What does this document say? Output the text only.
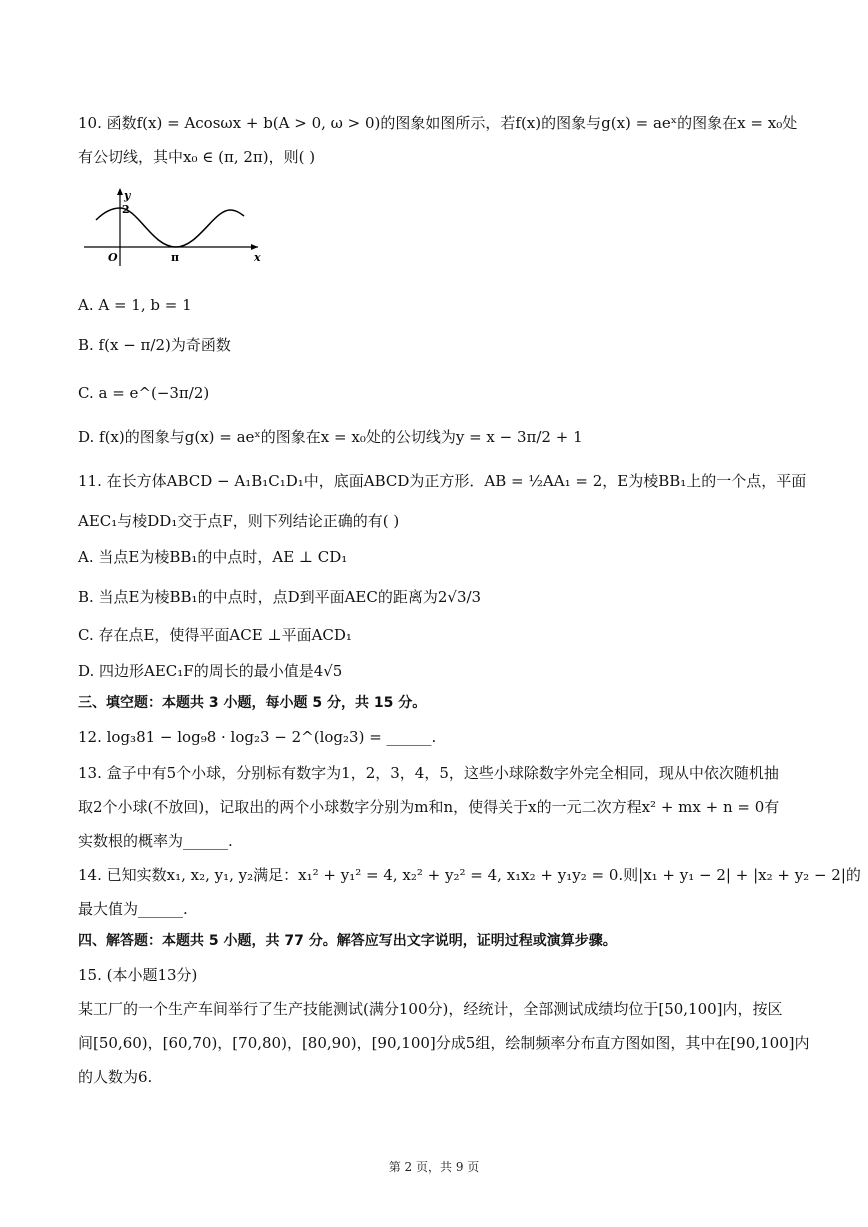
10. 函数f(x) = Acosωx + b(A > 0, ω > 0)的图象如图所示，若f(x)的图象与g(x) = aeˣ的图象在x = x₀处
有公切线，其中x₀ ∈ (π, 2π)，则( )
y
x
O
2
π
A. A = 1, b = 1
B. f(x − π/2)为奇函数
C. a = e^(−3π/2)
D. f(x)的图象与g(x) = aeˣ的图象在x = x₀处的公切线为y = x − 3π/2 + 1
11. 在长方体ABCD − A₁B₁C₁D₁中，底面ABCD为正方形．AB = ½AA₁ = 2，E为棱BB₁上的一个点，平面
AEC₁与棱DD₁交于点F，则下列结论正确的有( )
A. 当点E为棱BB₁的中点时，AE ⊥ CD₁
B. 当点E为棱BB₁的中点时，点D到平面AEC的距离为2√3/3
C. 存在点E，使得平面ACE ⊥平面ACD₁
D. 四边形AEC₁F的周长的最小值是4√5
三、填空题：本题共 3 小题，每小题 5 分，共 15 分。
12. log₃81 − log₉8 · log₂3 − 2^(log₂3) = ______.
13. 盒子中有5个小球，分别标有数字为1，2，3，4，5，这些小球除数字外完全相同，现从中依次随机抽
取2个小球(不放回)，记取出的两个小球数字分别为m和n，使得关于x的一元二次方程x² + mx + n = 0有
实数根的概率为______.
14. 已知实数x₁, x₂, y₁, y₂满足：x₁² + y₁² = 4, x₂² + y₂² = 4, x₁x₂ + y₁y₂ = 0.则|x₁ + y₁ − 2| + |x₂ + y₂ − 2|的
最大值为______.
四、解答题：本题共 5 小题，共 77 分。解答应写出文字说明，证明过程或演算步骤。
15. (本小题13分)
某工厂的一个生产车间举行了生产技能测试(满分100分)，经统计，全部测试成绩均位于[50,100]内，按区
间[50,60)，[60,70)，[70,80)，[80,90)，[90,100]分成5组，绘制频率分布直方图如图，其中在[90,100]内
的人数为6.
第 2 页，共 9 页
